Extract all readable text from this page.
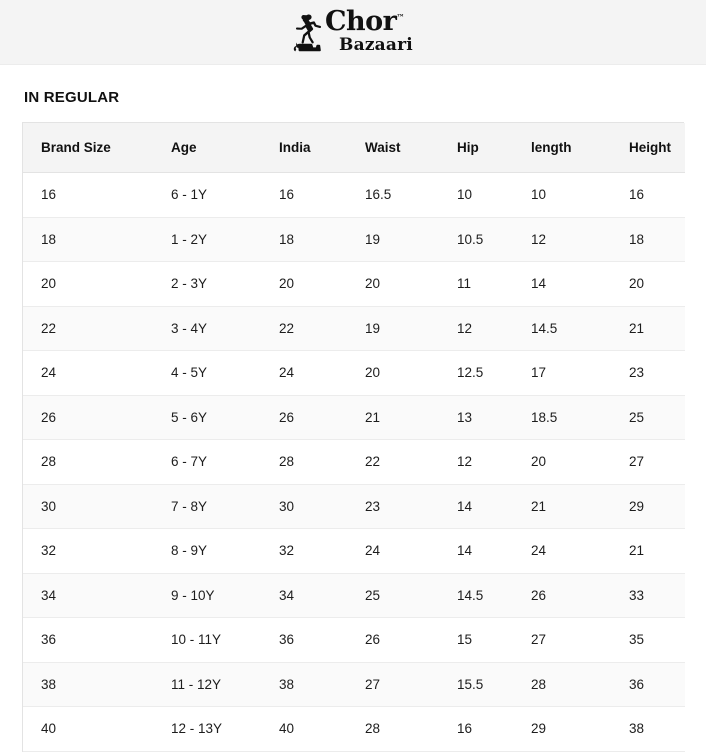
Chor™
Bazaari
IN REGULAR
Brand Size	Age	India	Waist	Hip	length	Height
16	6 - 1Y	16	16.5	10	10	16
18	1 - 2Y	18	19	10.5	12	18
20	2 - 3Y	20	20	11	14	20
22	3 - 4Y	22	19	12	14.5	21
24	4 - 5Y	24	20	12.5	17	23
26	5 - 6Y	26	21	13	18.5	25
28	6 - 7Y	28	22	12	20	27
30	7 - 8Y	30	23	14	21	29
32	8 - 9Y	32	24	14	24	21
34	9 - 10Y	34	25	14.5	26	33
36	10 - 11Y	36	26	15	27	35
38	11 - 12Y	38	27	15.5	28	36
40	12 - 13Y	40	28	16	29	38
